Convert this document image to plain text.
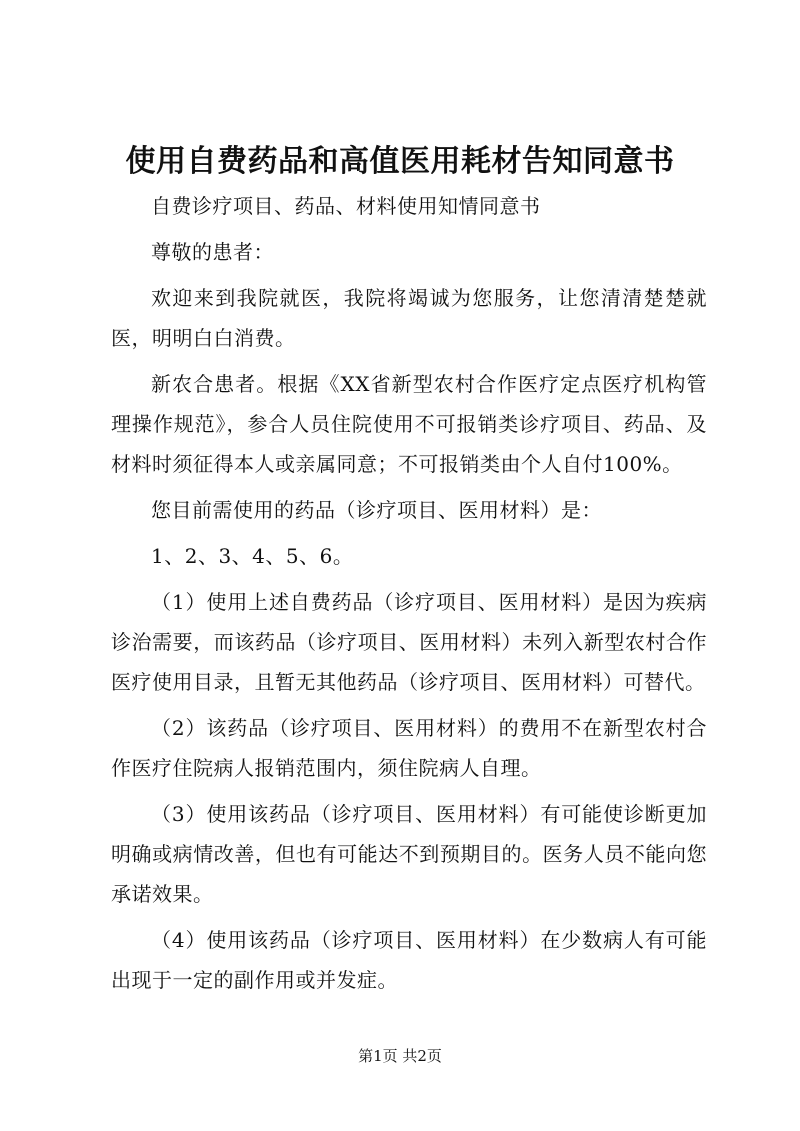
使用自费药品和高值医用耗材告知同意书

自费诊疗项目、药品、材料使用知情同意书

尊敬的患者：

欢迎来到我院就医，我院将竭诚为您服务，让您清清楚楚就医，明明白白消费。

新农合患者。根据《XX省新型农村合作医疗定点医疗机构管理操作规范》，参合人员住院使用不可报销类诊疗项目、药品、及材料时须征得本人或亲属同意；不可报销类由个人自付100%。

您目前需使用的药品（诊疗项目、医用材料）是：

1、2、3、4、5、6。

（1）使用上述自费药品（诊疗项目、医用材料）是因为疾病诊治需要，而该药品（诊疗项目、医用材料）未列入新型农村合作医疗使用目录，且暂无其他药品（诊疗项目、医用材料）可替代。

（2）该药品（诊疗项目、医用材料）的费用不在新型农村合作医疗住院病人报销范围内，须住院病人自理。

（3）使用该药品（诊疗项目、医用材料）有可能使诊断更加明确或病情改善，但也有可能达不到预期目的。医务人员不能向您承诺效果。

（4）使用该药品（诊疗项目、医用材料）在少数病人有可能出现于一定的副作用或并发症。

第1页 共2页
